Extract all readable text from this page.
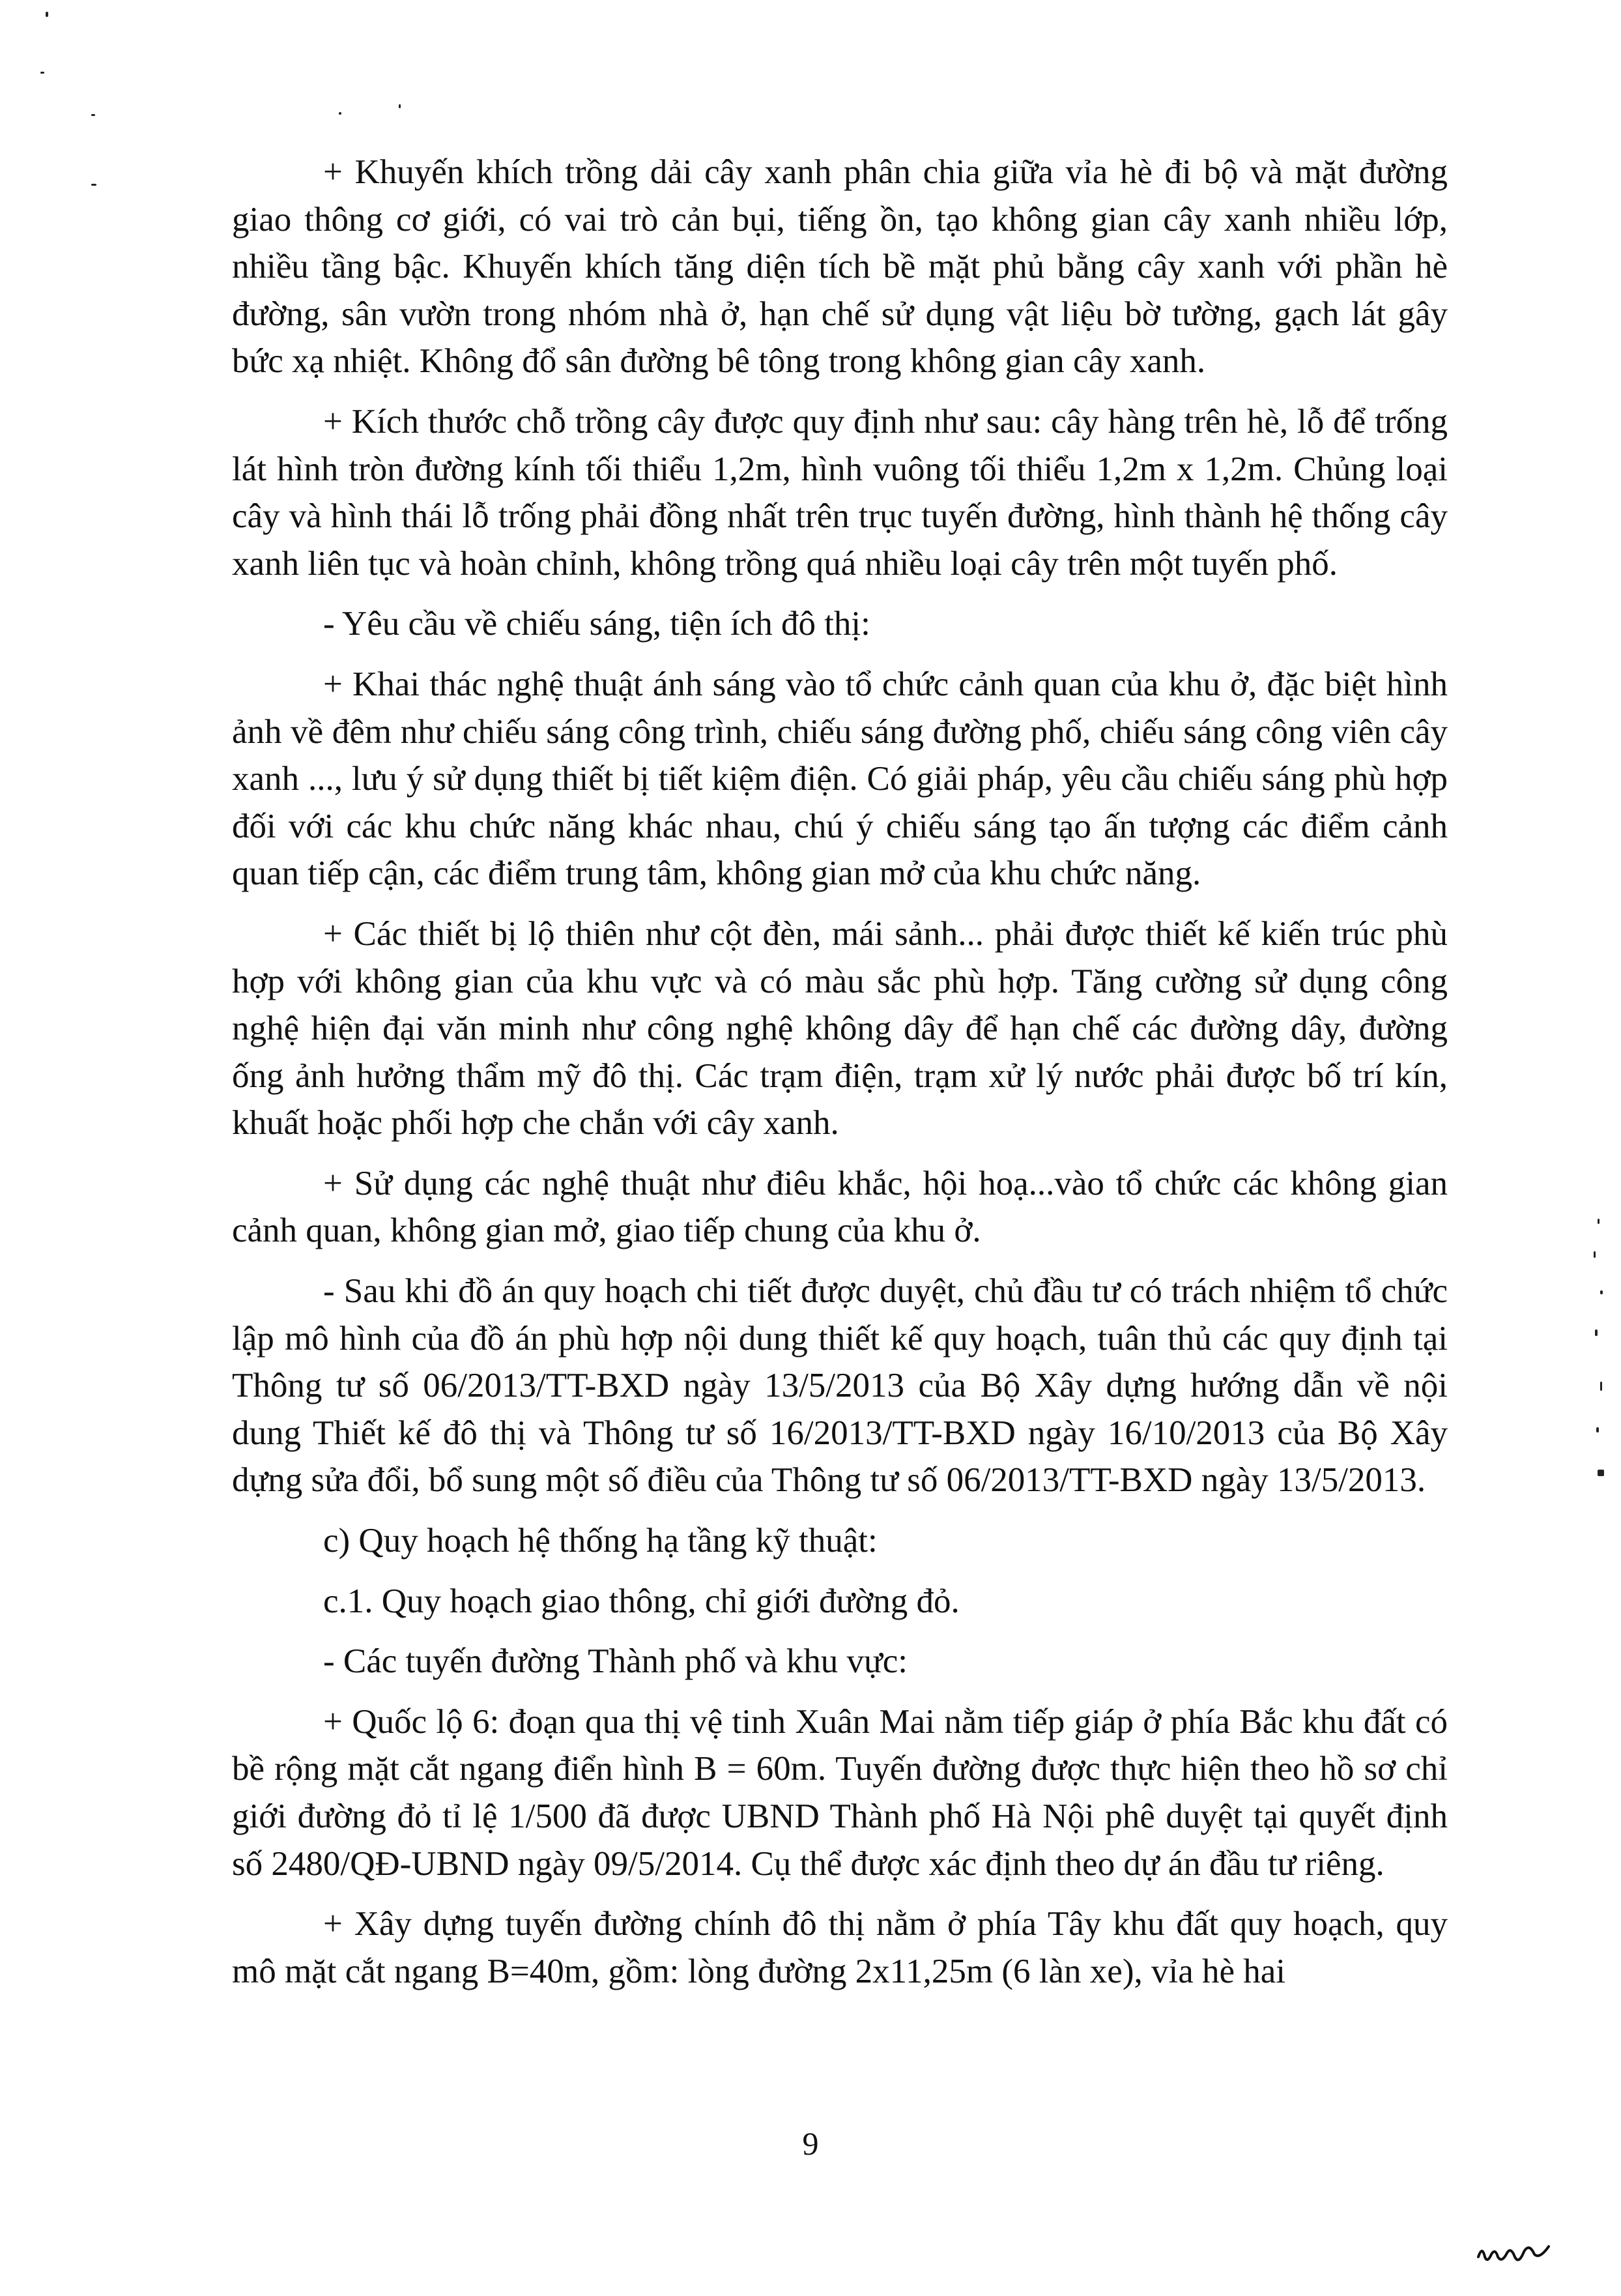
+ Khuyến khích trồng dải cây xanh phân chia giữa vỉa hè đi bộ và mặt đường giao thông cơ giới, có vai trò cản bụi, tiếng ồn, tạo không gian cây xanh nhiều lớp, nhiều tầng bậc. Khuyến khích tăng diện tích bề mặt phủ bằng cây xanh với phần hè đường, sân vườn trong nhóm nhà ở, hạn chế sử dụng vật liệu bờ tường, gạch lát gây bức xạ nhiệt. Không đổ sân đường bê tông trong không gian cây xanh.

+ Kích thước chỗ trồng cây được quy định như sau: cây hàng trên hè, lỗ để trống lát hình tròn đường kính tối thiểu 1,2m, hình vuông tối thiểu 1,2m x 1,2m. Chủng loại cây và hình thái lỗ trống phải đồng nhất trên trục tuyến đường, hình thành hệ thống cây xanh liên tục và hoàn chỉnh, không trồng quá nhiều loại cây trên một tuyến phố.

- Yêu cầu về chiếu sáng, tiện ích đô thị:

+ Khai thác nghệ thuật ánh sáng vào tổ chức cảnh quan của khu ở, đặc biệt hình ảnh về đêm như chiếu sáng công trình, chiếu sáng đường phố, chiếu sáng công viên cây xanh ..., lưu ý sử dụng thiết bị tiết kiệm điện. Có giải pháp, yêu cầu chiếu sáng phù hợp đối với các khu chức năng khác nhau, chú ý chiếu sáng tạo ấn tượng các điểm cảnh quan tiếp cận, các điểm trung tâm, không gian mở của khu chức năng.

+ Các thiết bị lộ thiên như cột đèn, mái sảnh... phải được thiết kế kiến trúc phù hợp với không gian của khu vực và có màu sắc phù hợp. Tăng cường sử dụng công nghệ hiện đại văn minh như công nghệ không dây để hạn chế các đường dây, đường ống ảnh hưởng thẩm mỹ đô thị. Các trạm điện, trạm xử lý nước phải được bố trí kín, khuất hoặc phối hợp che chắn với cây xanh.

+ Sử dụng các nghệ thuật như điêu khắc, hội hoạ...vào tổ chức các không gian cảnh quan, không gian mở, giao tiếp chung của khu ở.

- Sau khi đồ án quy hoạch chi tiết được duyệt, chủ đầu tư có trách nhiệm tổ chức lập mô hình của đồ án phù hợp nội dung thiết kế quy hoạch, tuân thủ các quy định tại Thông tư số 06/2013/TT-BXD ngày 13/5/2013 của Bộ Xây dựng hướng dẫn về nội dung Thiết kế đô thị và Thông tư số 16/2013/TT-BXD ngày 16/10/2013 của Bộ Xây dựng sửa đổi, bổ sung một số điều của Thông tư số 06/2013/TT-BXD ngày 13/5/2013.

c) Quy hoạch hệ thống hạ tầng kỹ thuật:

c.1. Quy hoạch giao thông, chỉ giới đường đỏ.

- Các tuyến đường Thành phố và khu vực:

+ Quốc lộ 6: đoạn qua thị vệ tinh Xuân Mai nằm tiếp giáp ở phía Bắc khu đất có bề rộng mặt cắt ngang điển hình B = 60m. Tuyến đường được thực hiện theo hồ sơ chỉ giới đường đỏ tỉ lệ 1/500 đã được UBND Thành phố Hà Nội phê duyệt tại quyết định số 2480/QĐ-UBND ngày 09/5/2014. Cụ thể được xác định theo dự án đầu tư riêng.

+ Xây dựng tuyến đường chính đô thị nằm ở phía Tây khu đất quy hoạch, quy mô mặt cắt ngang B=40m, gồm: lòng đường 2x11,25m (6 làn xe), vỉa hè hai

9
